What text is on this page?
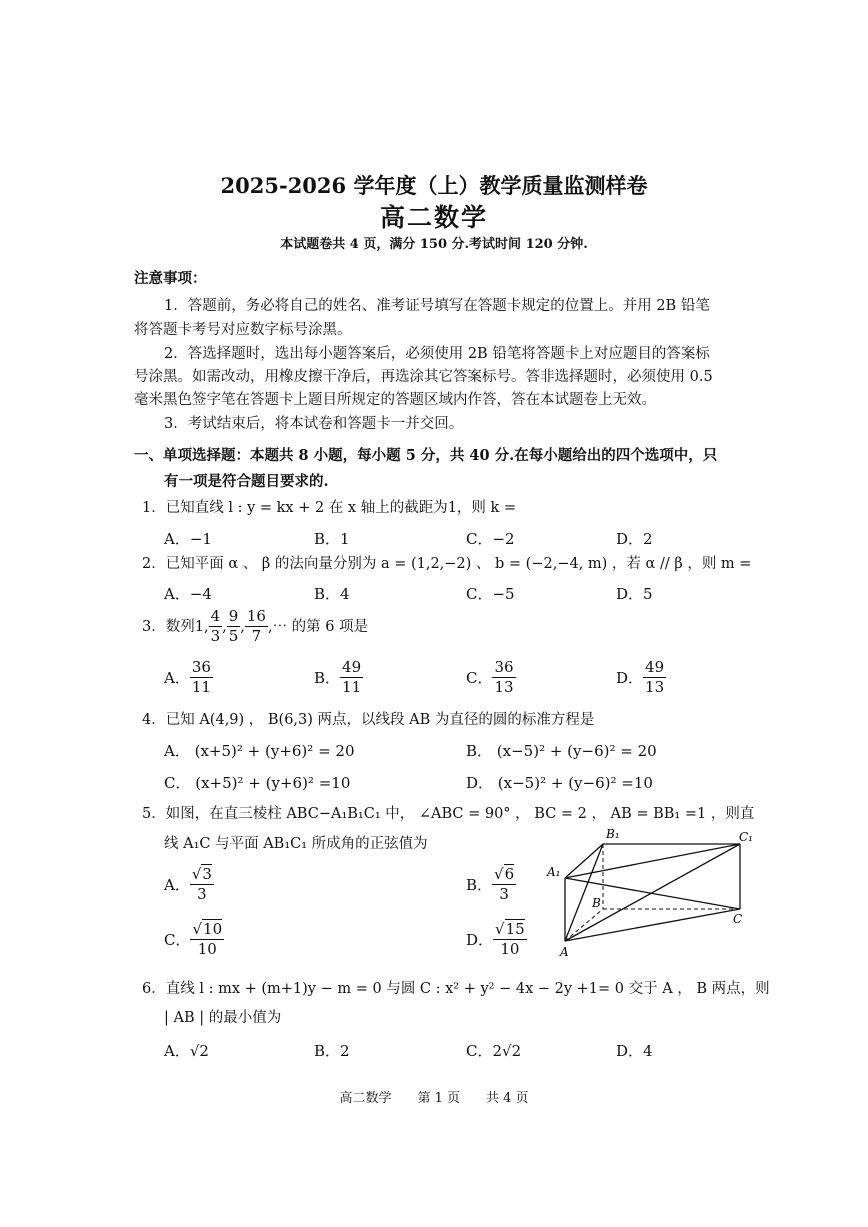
2025-2026 学年度（上）教学质量监测样卷
高二数学
本试题卷共 4 页，满分 150 分.考试时间 120 分钟.
注意事项：
1．答题前，务必将自己的姓名、准考证号填写在答题卡规定的位置上。并用 2B 铅笔
将答题卡考号对应数字标号涂黑。
2．答选择题时，选出每小题答案后，必须使用 2B 铅笔将答题卡上对应题目的答案标
号涂黑。如需改动，用橡皮擦干净后，再选涂其它答案标号。答非选择题时，必须使用 0.5
毫米黑色签字笔在答题卡上题目所规定的答题区域内作答，答在本试题卷上无效。
3．考试结束后，将本试卷和答题卡一并交回。
一、单项选择题：本题共 8 小题，每小题 5 分，共 40 分.在每小题给出的四个选项中，只
有一项是符合题目要求的.
1．已知直线 l : y = kx + 2 在 x 轴上的截距为1，则 k =
A．−1	B．1	C．−2	D．2
2．已知平面 α 、 β 的法向量分别为 a = (1,2,−2) 、 b = (−2,−4, m) ，若 α // β ，则 m =
A．−4	B．4	C．−5	D．5
3．数列1, $\frac{4}{3}$ , $\frac{9}{5}$ , $\frac{16}{7}$ ,⋯ 的第 6 项是
A． $\frac{36}{11}$	B． $\frac{49}{11}$	C． $\frac{36}{13}$	D． $\frac{49}{13}$
4．已知 A(4,9) ， B(6,3) 两点，以线段 AB 为直径的圆的标准方程是
A． (x+5)² + (y+6)² = 20	B． (x−5)² + (y−6)² = 20
C． (x+5)² + (y+6)² =10	D． (x−5)² + (y−6)² =10
5．如图，在直三棱柱 ABC−A₁B₁C₁ 中， ∠ABC = 90° ， BC = 2 ， AB = BB₁ =1 ，则直
线 A₁C 与平面 AB₁C₁ 所成角的正弦值为
A． $\frac{√3}{3}$	B． $\frac{√6}{3}$
C． $\frac{√10}{10}$	D． $\frac{√15}{10}$
B₁	C₁
A₁
B
C
A
6．直线 l : mx + (m+1)y − m = 0 与圆 C : x² + y² − 4x − 2y +1= 0 交于 A ， B 两点，则
| AB | 的最小值为
A．√2	B．2	C．2√2	D．4
高二数学 第 1 页 共 4 页
